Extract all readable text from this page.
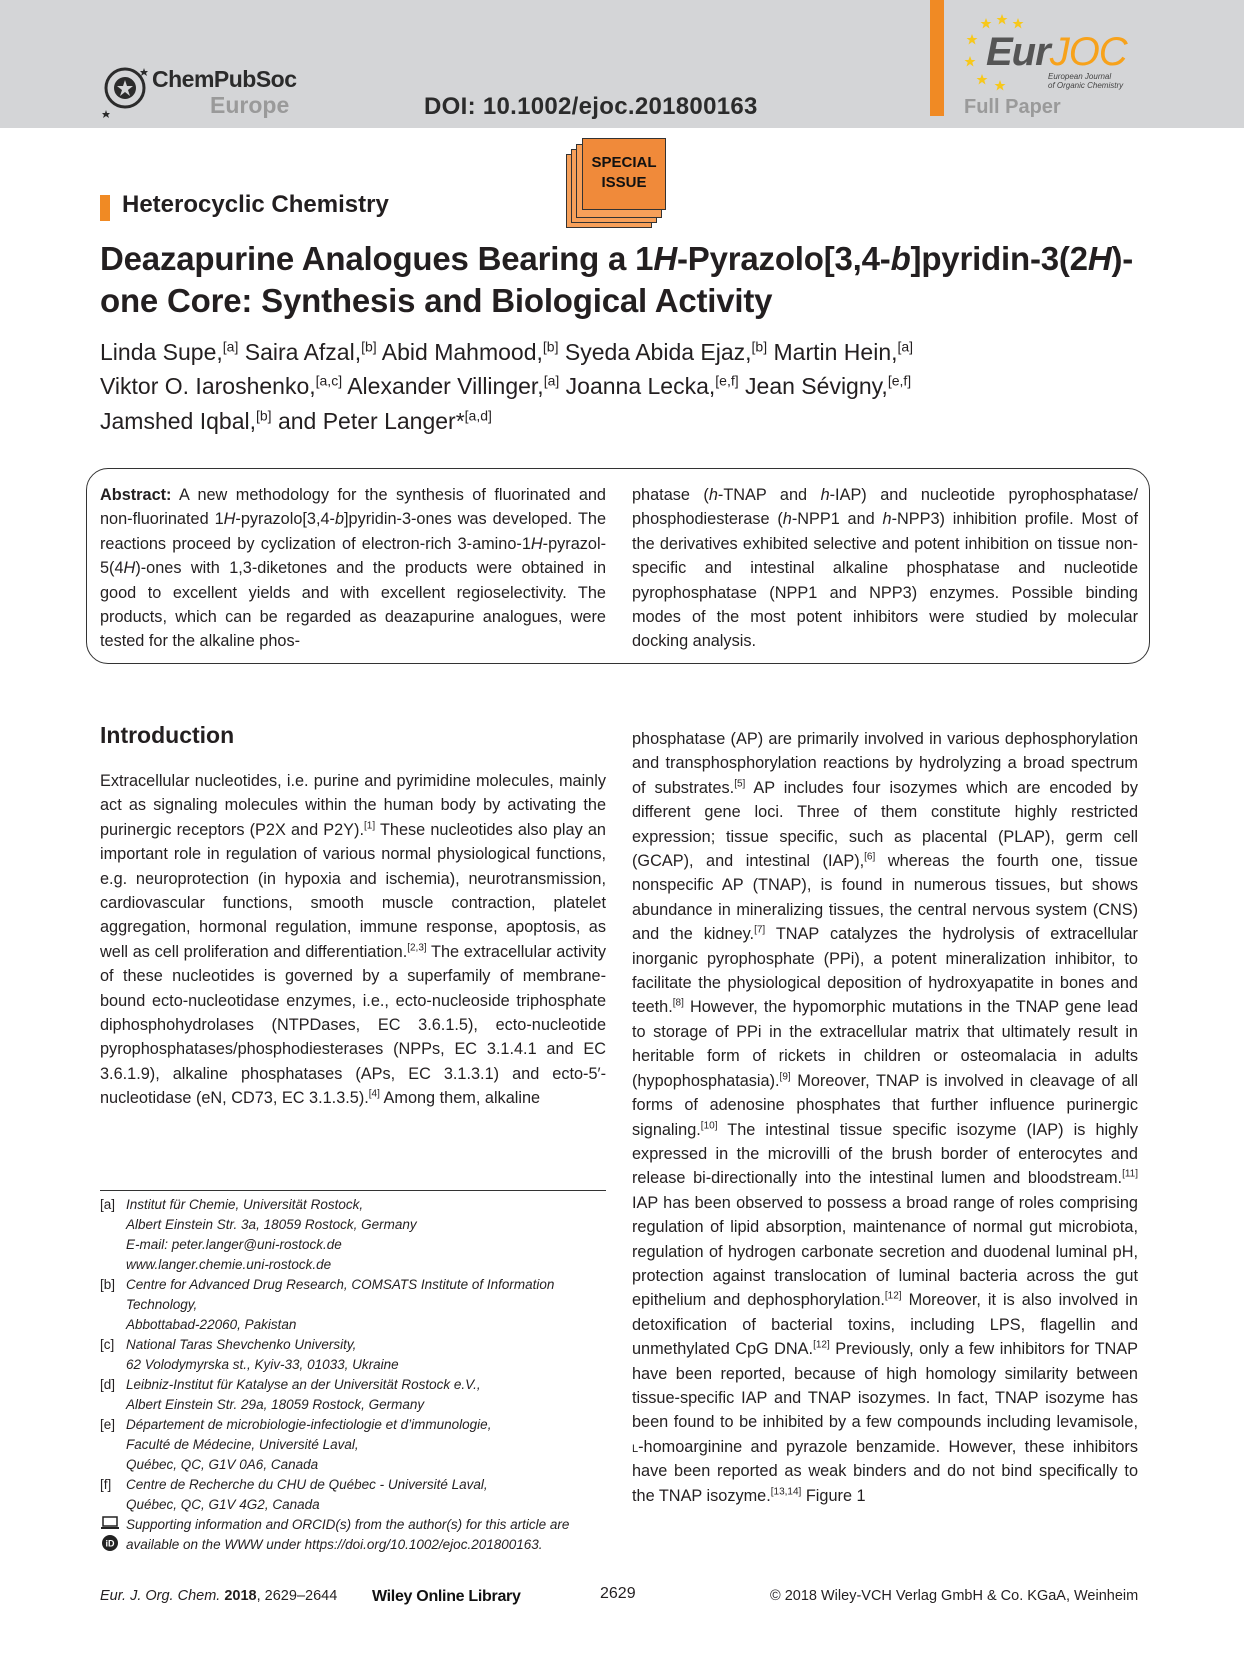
ChemPubSoc
Europe	DOI: 10.1002/ejoc.201800163
EurJOC
European Journal
of Organic Chemistry
Full Paper
SPECIAL
ISSUE
Heterocyclic Chemistry
Deazapurine Analogues Bearing a 1H-Pyrazolo[3,4-b]pyridin-3(2H)-one Core: Synthesis and Biological Activity
Linda Supe,[a] Saira Afzal,[b] Abid Mahmood,[b] Syeda Abida Ejaz,[b] Martin Hein,[a]
Viktor O. Iaroshenko,[a,c] Alexander Villinger,[a] Joanna Lecka,[e,f] Jean Sévigny,[e,f]
Jamshed Iqbal,[b] and Peter Langer*[a,d]
Abstract: A new methodology for the synthesis of fluorinated and non-fluorinated 1H-pyrazolo[3,4-b]pyridin-3-ones was developed. The reactions proceed by cyclization of electron-rich 3-amino-1H-pyrazol-5(4H)-ones with 1,3-diketones and the products were obtained in good to excellent yields and with excellent regioselectivity. The products, which can be regarded as deazapurine analogues, were tested for the alkaline phos-
phatase (h-TNAP and h-IAP) and nucleotide pyrophosphatase/ phosphodiesterase (h-NPP1 and h-NPP3) inhibition profile. Most of the derivatives exhibited selective and potent inhibition on tissue non-specific and intestinal alkaline phosphatase and nucleotide pyrophosphatase (NPP1 and NPP3) enzymes. Possible binding modes of the most potent inhibitors were studied by molecular docking analysis.
Introduction
Extracellular nucleotides, i.e. purine and pyrimidine molecules, mainly act as signaling molecules within the human body by activating the purinergic receptors (P2X and P2Y).[1] These nucleotides also play an important role in regulation of various normal physiological functions, e.g. neuroprotection (in hypoxia and ischemia), neurotransmission, cardiovascular functions, smooth muscle contraction, platelet aggregation, hormonal regulation, immune response, apoptosis, as well as cell proliferation and differentiation.[2,3] The extracellular activity of these nucleotides is governed by a superfamily of membrane-bound ecto-nucleotidase enzymes, i.e., ecto-nucleoside triphosphate diphosphohydrolases (NTPDases, EC 3.6.1.5), ecto-nucleotide pyrophosphatases/phosphodiesterases (NPPs, EC 3.1.4.1 and EC 3.6.1.9), alkaline phosphatases (APs, EC 3.1.3.1) and ecto-5′-nucleotidase (eN, CD73, EC 3.1.3.5).[4] Among them, alkaline
phosphatase (AP) are primarily involved in various dephosphorylation and transphosphorylation reactions by hydrolyzing a broad spectrum of substrates.[5] AP includes four isozymes which are encoded by different gene loci. Three of them constitute highly restricted expression; tissue specific, such as placental (PLAP), germ cell (GCAP), and intestinal (IAP),[6] whereas the fourth one, tissue nonspecific AP (TNAP), is found in numerous tissues, but shows abundance in mineralizing tissues, the central nervous system (CNS) and the kidney.[7] TNAP catalyzes the hydrolysis of extracellular inorganic pyrophosphate (PPi), a potent mineralization inhibitor, to facilitate the physiological deposition of hydroxyapatite in bones and teeth.[8] However, the hypomorphic mutations in the TNAP gene lead to storage of PPi in the extracellular matrix that ultimately result in heritable form of rickets in children or osteomalacia in adults (hypophosphatasia).[9] Moreover, TNAP is involved in cleavage of all forms of adenosine phosphates that further influence purinergic signaling.[10] The intestinal tissue specific isozyme (IAP) is highly expressed in the microvilli of the brush border of enterocytes and release bi-directionally into the intestinal lumen and bloodstream.[11] IAP has been observed to possess a broad range of roles comprising regulation of lipid absorption, maintenance of normal gut microbiota, regulation of hydrogen carbonate secretion and duodenal luminal pH, protection against translocation of luminal bacteria across the gut epithelium and dephosphorylation.[12] Moreover, it is also involved in detoxification of bacterial toxins, including LPS, flagellin and unmethylated CpG DNA.[12] Previously, only a few inhibitors for TNAP have been reported, because of high homology similarity between tissue-specific IAP and TNAP isozymes. In fact, TNAP isozyme has been found to be inhibited by a few compounds including levamisole, l-homoarginine and pyrazole benzamide. However, these inhibitors have been reported as weak binders and do not bind specifically to the TNAP isozyme.[13,14] Figure 1
[a] Institut für Chemie, Universität Rostock,
Albert Einstein Str. 3a, 18059 Rostock, Germany
E-mail: peter.langer@uni-rostock.de
www.langer.chemie.uni-rostock.de
[b] Centre for Advanced Drug Research, COMSATS Institute of Information Technology,
Abbottabad-22060, Pakistan
[c] National Taras Shevchenko University,
62 Volodymyrska st., Kyiv-33, 01033, Ukraine
[d] Leibniz-Institut für Katalyse an der Universität Rostock e.V.,
Albert Einstein Str. 29a, 18059 Rostock, Germany
[e] Département de microbiologie-infectiologie et d’immunologie,
Faculté de Médecine, Université Laval,
Québec, QC, G1V 0A6, Canada
[f]	Centre de Recherche du CHU de Québec - Université Laval,
Québec, QC, G1V 4G2, Canada
iD
Supporting information and ORCID(s) from the author(s) for this article are
available on the WWW under https://doi.org/10.1002/ejoc.201800163.
Eur. J. Org. Chem. 2018, 2629–2644 Wiley Online Library	2629	© 2018 Wiley-VCH Verlag GmbH & Co. KGaA, Weinheim
